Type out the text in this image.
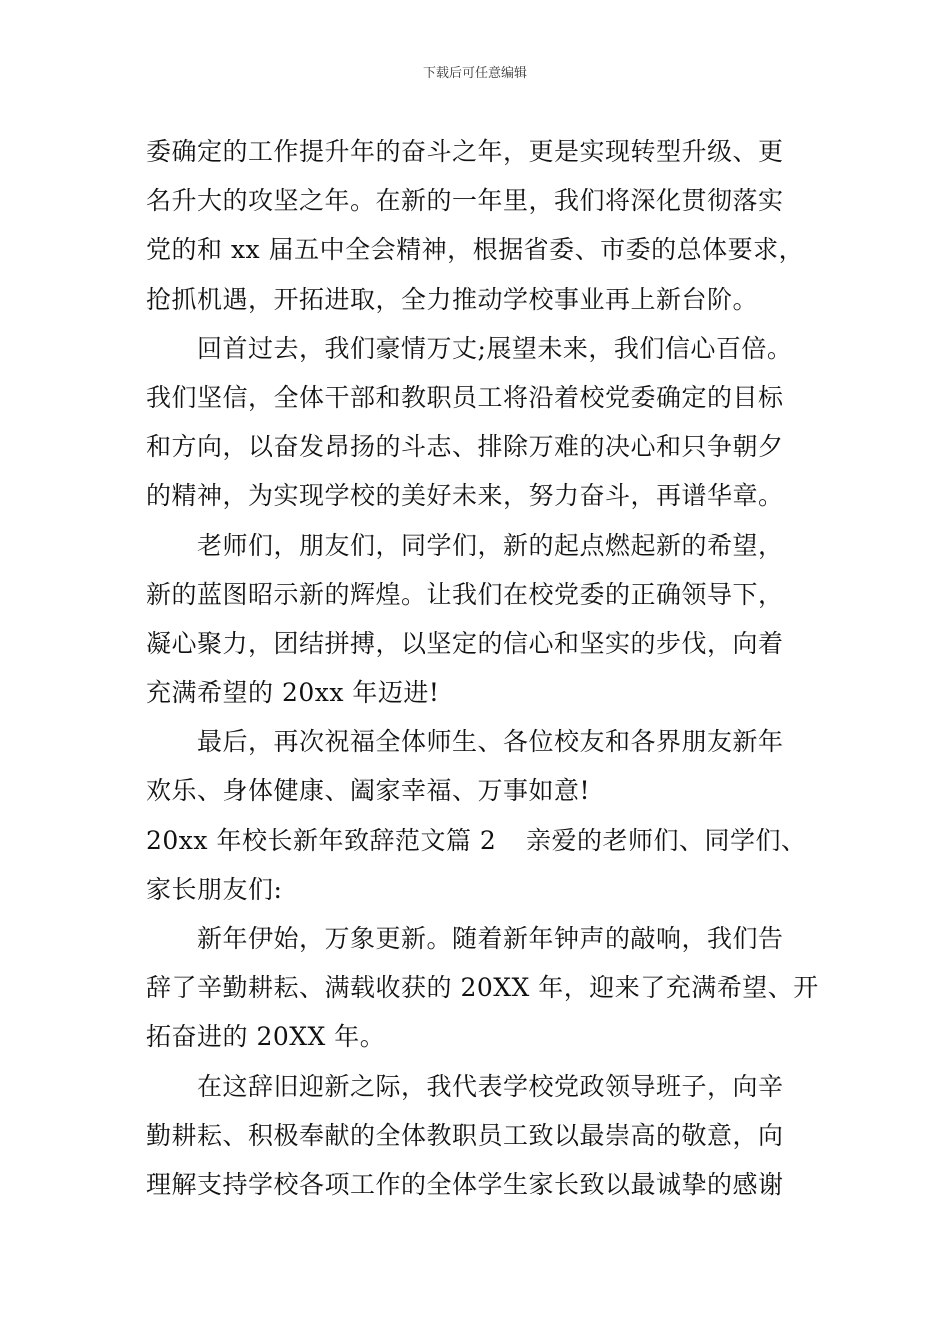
下载后可任意编辑
委确定的工作提升年的奋斗之年，更是实现转型升级、更
名升大的攻坚之年。在新的一年里，我们将深化贯彻落实
党的和 xx 届五中全会精神，根据省委、市委的总体要求，
抢抓机遇，开拓进取，全力推动学校事业再上新台阶。
回首过去，我们豪情万丈;展望未来，我们信心百倍。
我们坚信，全体干部和教职员工将沿着校党委确定的目标
和方向，以奋发昂扬的斗志、排除万难的决心和只争朝夕
的精神，为实现学校的美好未来，努力奋斗，再谱华章。
老师们，朋友们，同学们，新的起点燃起新的希望，
新的蓝图昭示新的辉煌。让我们在校党委的正确领导下，
凝心聚力，团结拼搏，以坚定的信心和坚实的步伐，向着
充满希望的 20xx 年迈进!
最后，再次祝福全体师生、各位校友和各界朋友新年
欢乐、身体健康、阖家幸福、万事如意!
20xx 年校长新年致辞范文篇 2	亲爱的老师们、同学们、
家长朋友们:
新年伊始，万象更新。随着新年钟声的敲响，我们告
辞了辛勤耕耘、满载收获的 20XX 年，迎来了充满希望、开
拓奋进的 20XX 年。
在这辞旧迎新之际，我代表学校党政领导班子，向辛
勤耕耘、积极奉献的全体教职员工致以最崇高的敬意，向
理解支持学校各项工作的全体学生家长致以最诚挚的感谢
